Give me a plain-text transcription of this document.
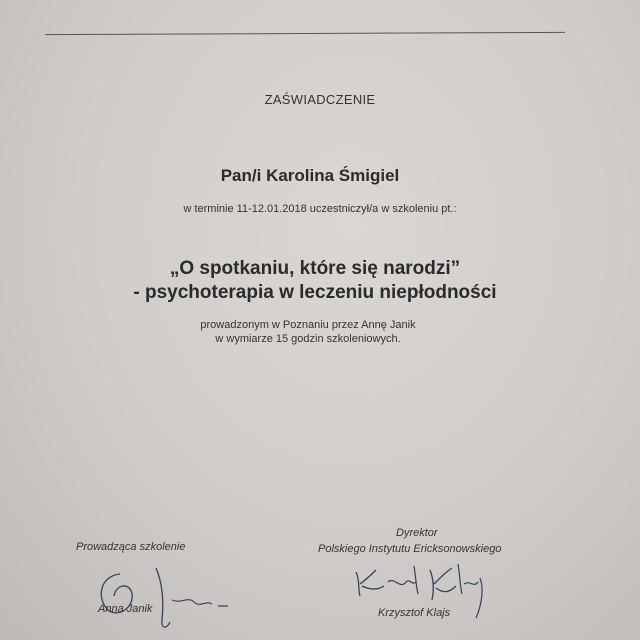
ZAŚWIADCZENIE
Pan/i Karolina Śmigiel
w terminie 11-12.01.2018 uczestniczył/a w szkoleniu pt.:
„O spotkaniu, które się narodzi”
- psychoterapia w leczeniu niepłodności
prowadzonym w Poznaniu przez Annę Janik
w wymiarze 15 godzin szkoleniowych.
Prowadząca szkolenie
Dyrektor
Polskiego Instytutu Ericksonowskiego
Anna Janik	Krzysztof Klajs
